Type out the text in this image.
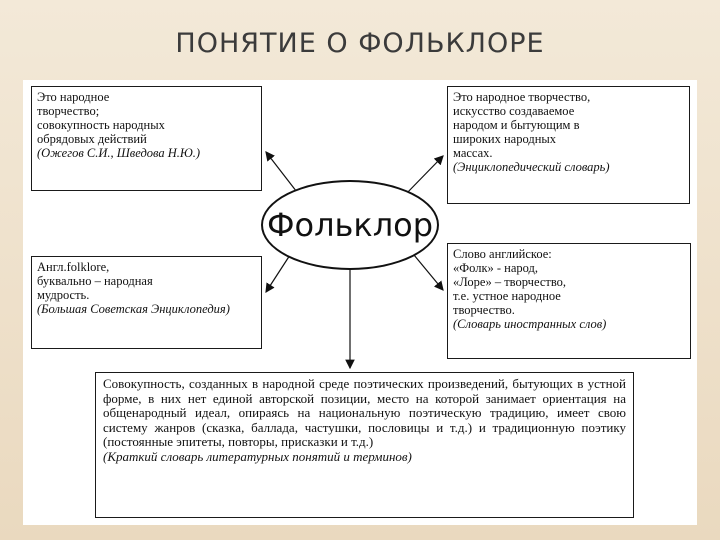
ПОНЯТИЕ О ФОЛЬКЛОРЕ
Фольклор

Это народное

творчество;

совокупность народных

обрядовых действий

(Ожегов С.И., Шведова Н.Ю.)

Это народное творчество,

искусство создаваемое

народом и бытующим в

широких народных

массах.

(Энциклопедический словарь)

Англ.folklore,

буквально – народная

мудрость.

(Большая Советская Энциклопедия)

Слово английское:

«Фолк» - народ,

«Лоре» – творчество,

т.е. устное народное

творчество.

(Словарь иностранных слов)

Совокупность, созданных в народной среде поэтических произведений, бытующих в устной форме, в них нет единой авторской позиции, место на которой занимает ориентация на общенародный идеал, опираясь на национальную поэтическую традицию, имеет свою систему жанров (сказка, баллада, частушки, пословицы и т.д.) и традиционную поэтику (постоянные эпитеты, повторы, присказки и т.д.)

(Краткий словарь литературных понятий и терминов)
